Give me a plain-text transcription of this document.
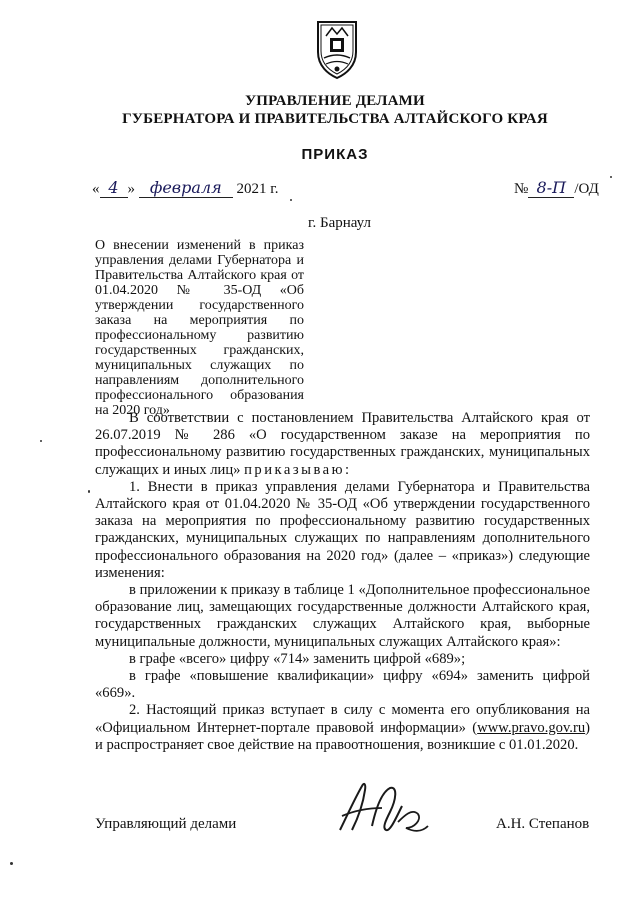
УПРАВЛЕНИЕ ДЕЛАМИ
ГУБЕРНАТОРА И ПРАВИТЕЛЬСТВА АЛТАЙСКОГО КРАЯ
ПРИКАЗ
« 4 » февраля 2021 г.	№ 8-П /ОД
г. Барнаул
О внесении изменений в приказ управления делами Губернатора и Правительства Алтайского края от 01.04.2020 № 35-ОД «Об утверждении государственного заказа на мероприятия по профессиональному развитию государственных гражданских, муниципальных служащих по направлениям дополнительного профессионального образования на 2020 год»

В соответствии с постановлением Правительства Алтайского края от 26.07.2019 № 286 «О государственном заказе на мероприятия по профессиональному развитию государственных гражданских, муниципальных служащих и иных лиц» приказываю:

1. Внести в приказ управления делами Губернатора и Правительства Алтайского края от 01.04.2020 № 35-ОД «Об утверждении государственного заказа на мероприятия по профессиональному развитию государственных гражданских, муниципальных служащих по направлениям дополнительного профессионального образования на 2020 год» (далее – «приказ») следующие изменения:

в приложении к приказу в таблице 1 «Дополнительное профессиональное образование лиц, замещающих государственные должности Алтайского края, государственных гражданских служащих Алтайского края, выборные муниципальные должности, муниципальных служащих Алтайского края»:

в графе «всего» цифру «714» заменить цифрой «689»;

в графе «повышение квалификации» цифру «694» заменить цифрой «669».

2. Настоящий приказ вступает в силу с момента его опубликования на «Официальном Интернет-портале правовой информации» (www.pravo.gov.ru) и распространяет свое действие на правоотношения, возникшие с 01.01.2020.

Управляющий делами	А.Н. Степанов
